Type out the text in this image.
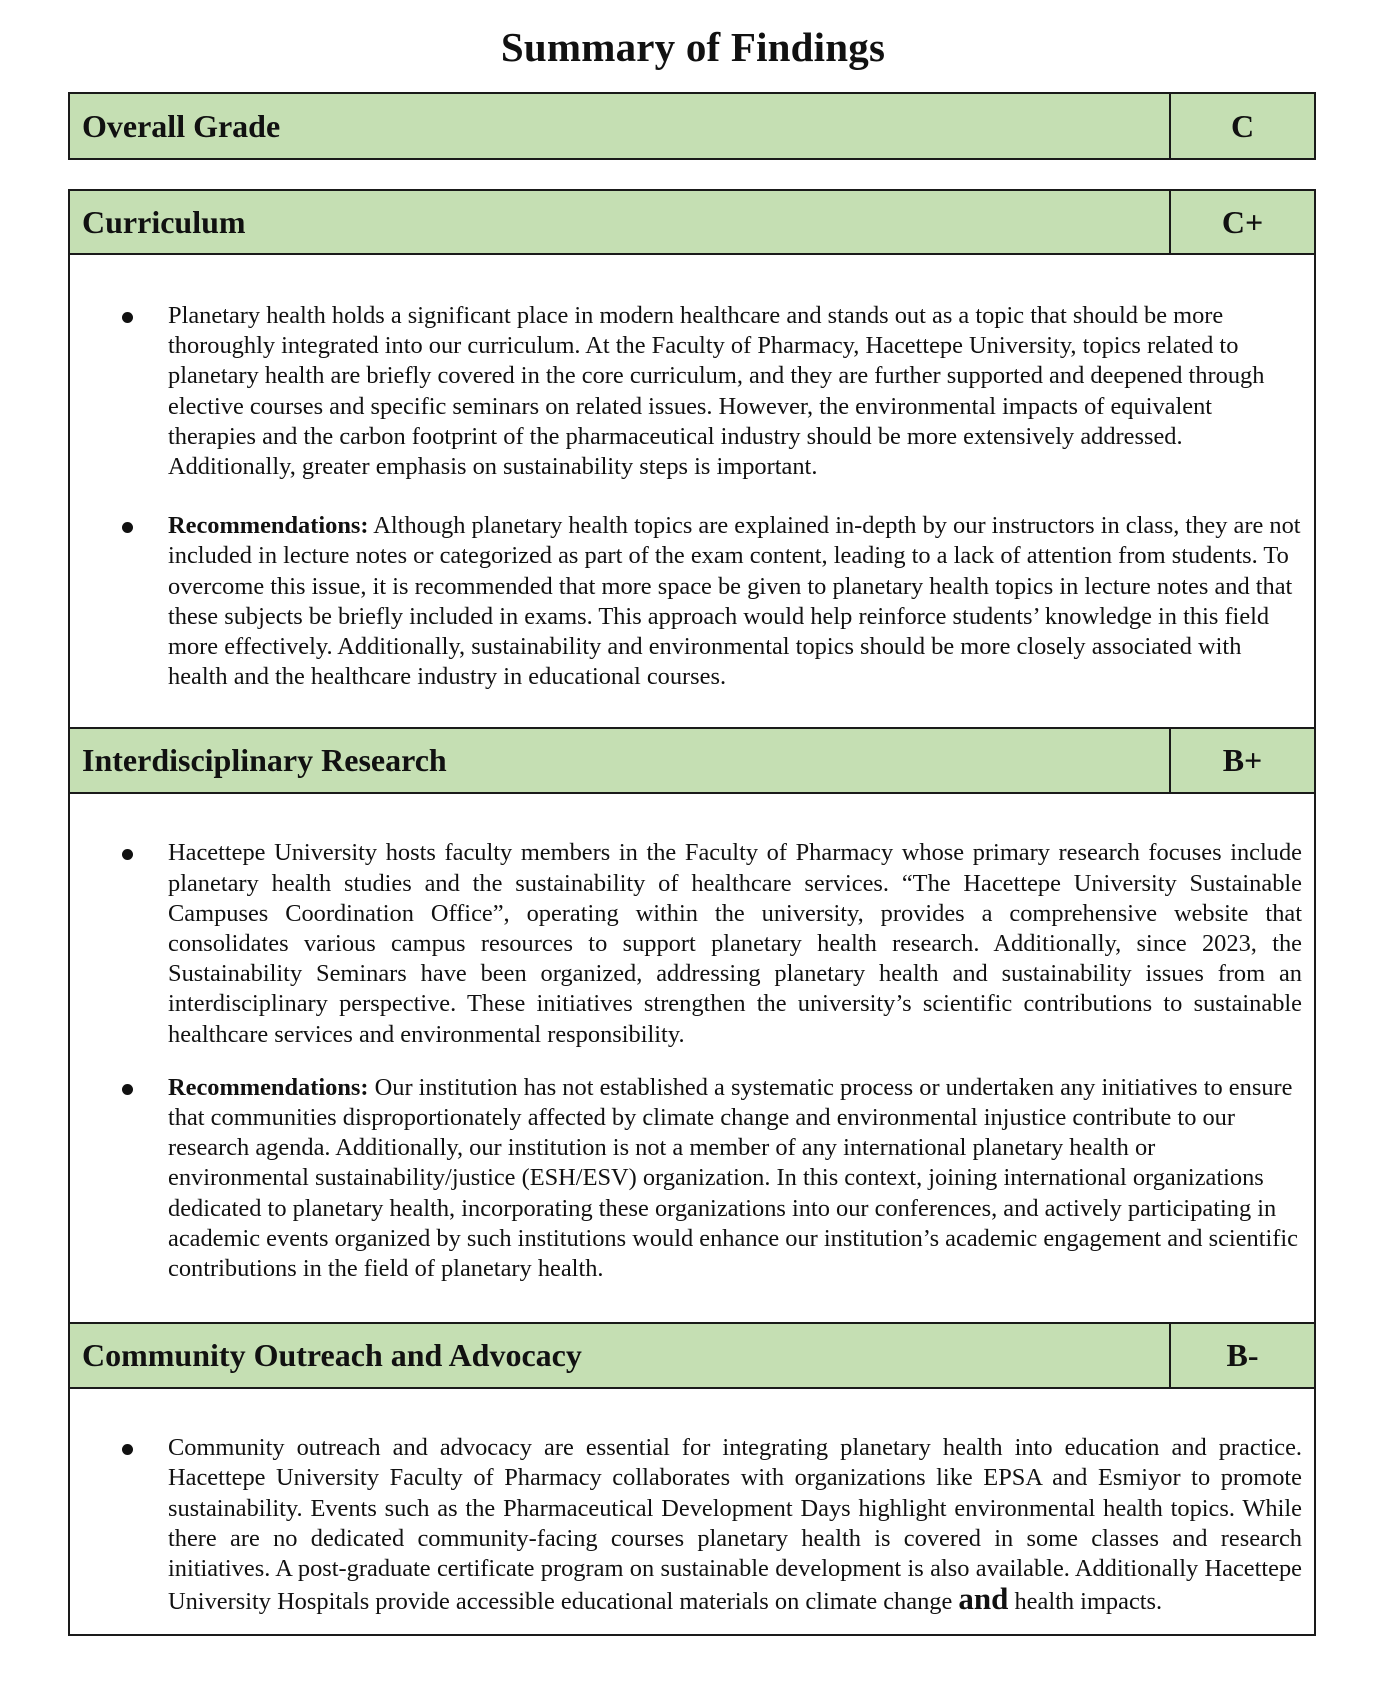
Summary of Findings
Overall Grade	C
Curriculum	C+
Planetary health holds a significant place in modern healthcare and stands out as a topic that should be more thoroughly integrated into our curriculum. At the Faculty of Pharmacy, Hacettepe University, topics related to planetary health are briefly covered in the core curriculum, and they are further supported and deepened through elective courses and specific seminars on related issues. However, the environmental impacts of equivalent therapies and the carbon footprint of the pharmaceutical industry should be more extensively addressed. Additionally, greater emphasis on sustainability steps is important.
Recommendations: Although planetary health topics are explained in-depth by our instructors in class, they are not included in lecture notes or categorized as part of the exam content, leading to a lack of attention from students. To overcome this issue, it is recommended that more space be given to planetary health topics in lecture notes and that these subjects be briefly included in exams. This approach would help reinforce students’ knowledge in this field more effectively. Additionally, sustainability and environmental topics should be more closely associated with health and the healthcare industry in educational courses.
Interdisciplinary Research	B+
Hacettepe University hosts faculty members in the Faculty of Pharmacy whose primary research focuses include planetary health studies and the sustainability of healthcare services. “The Hacettepe University Sustainable Campuses Coordination Office”, operating within the university, provides a comprehensive website that consolidates various campus resources to support planetary health research. Additionally, since 2023, the Sustainability Seminars have been organized, addressing planetary health and sustainability issues from an interdisciplinary perspective. These initiatives strengthen the university’s scientific contributions to sustainable healthcare services and environmental responsibility.
Recommendations: Our institution has not established a systematic process or undertaken any initiatives to ensure that communities disproportionately affected by climate change and environmental injustice contribute to our research agenda. Additionally, our institution is not a member of any international planetary health or environmental sustainability/justice (ESH/ESV) organization. In this context, joining international organizations dedicated to planetary health, incorporating these organizations into our conferences, and actively participating in academic events organized by such institutions would enhance our institution’s academic engagement and scientific contributions in the field of planetary health.
Community Outreach and Advocacy	B-
Community outreach and advocacy are essential for integrating planetary health into education and practice. Hacettepe University Faculty of Pharmacy collaborates with organizations like EPSA and Esmiyor to promote sustainability. Events such as the Pharmaceutical Development Days highlight environmental health topics. While there are no dedicated community-facing courses planetary health is covered in some classes and research initiatives. A post-graduate certificate program on sustainable development is also available. Additionally Hacettepe University Hospitals provide accessible educational materials on climate change and health impacts.
